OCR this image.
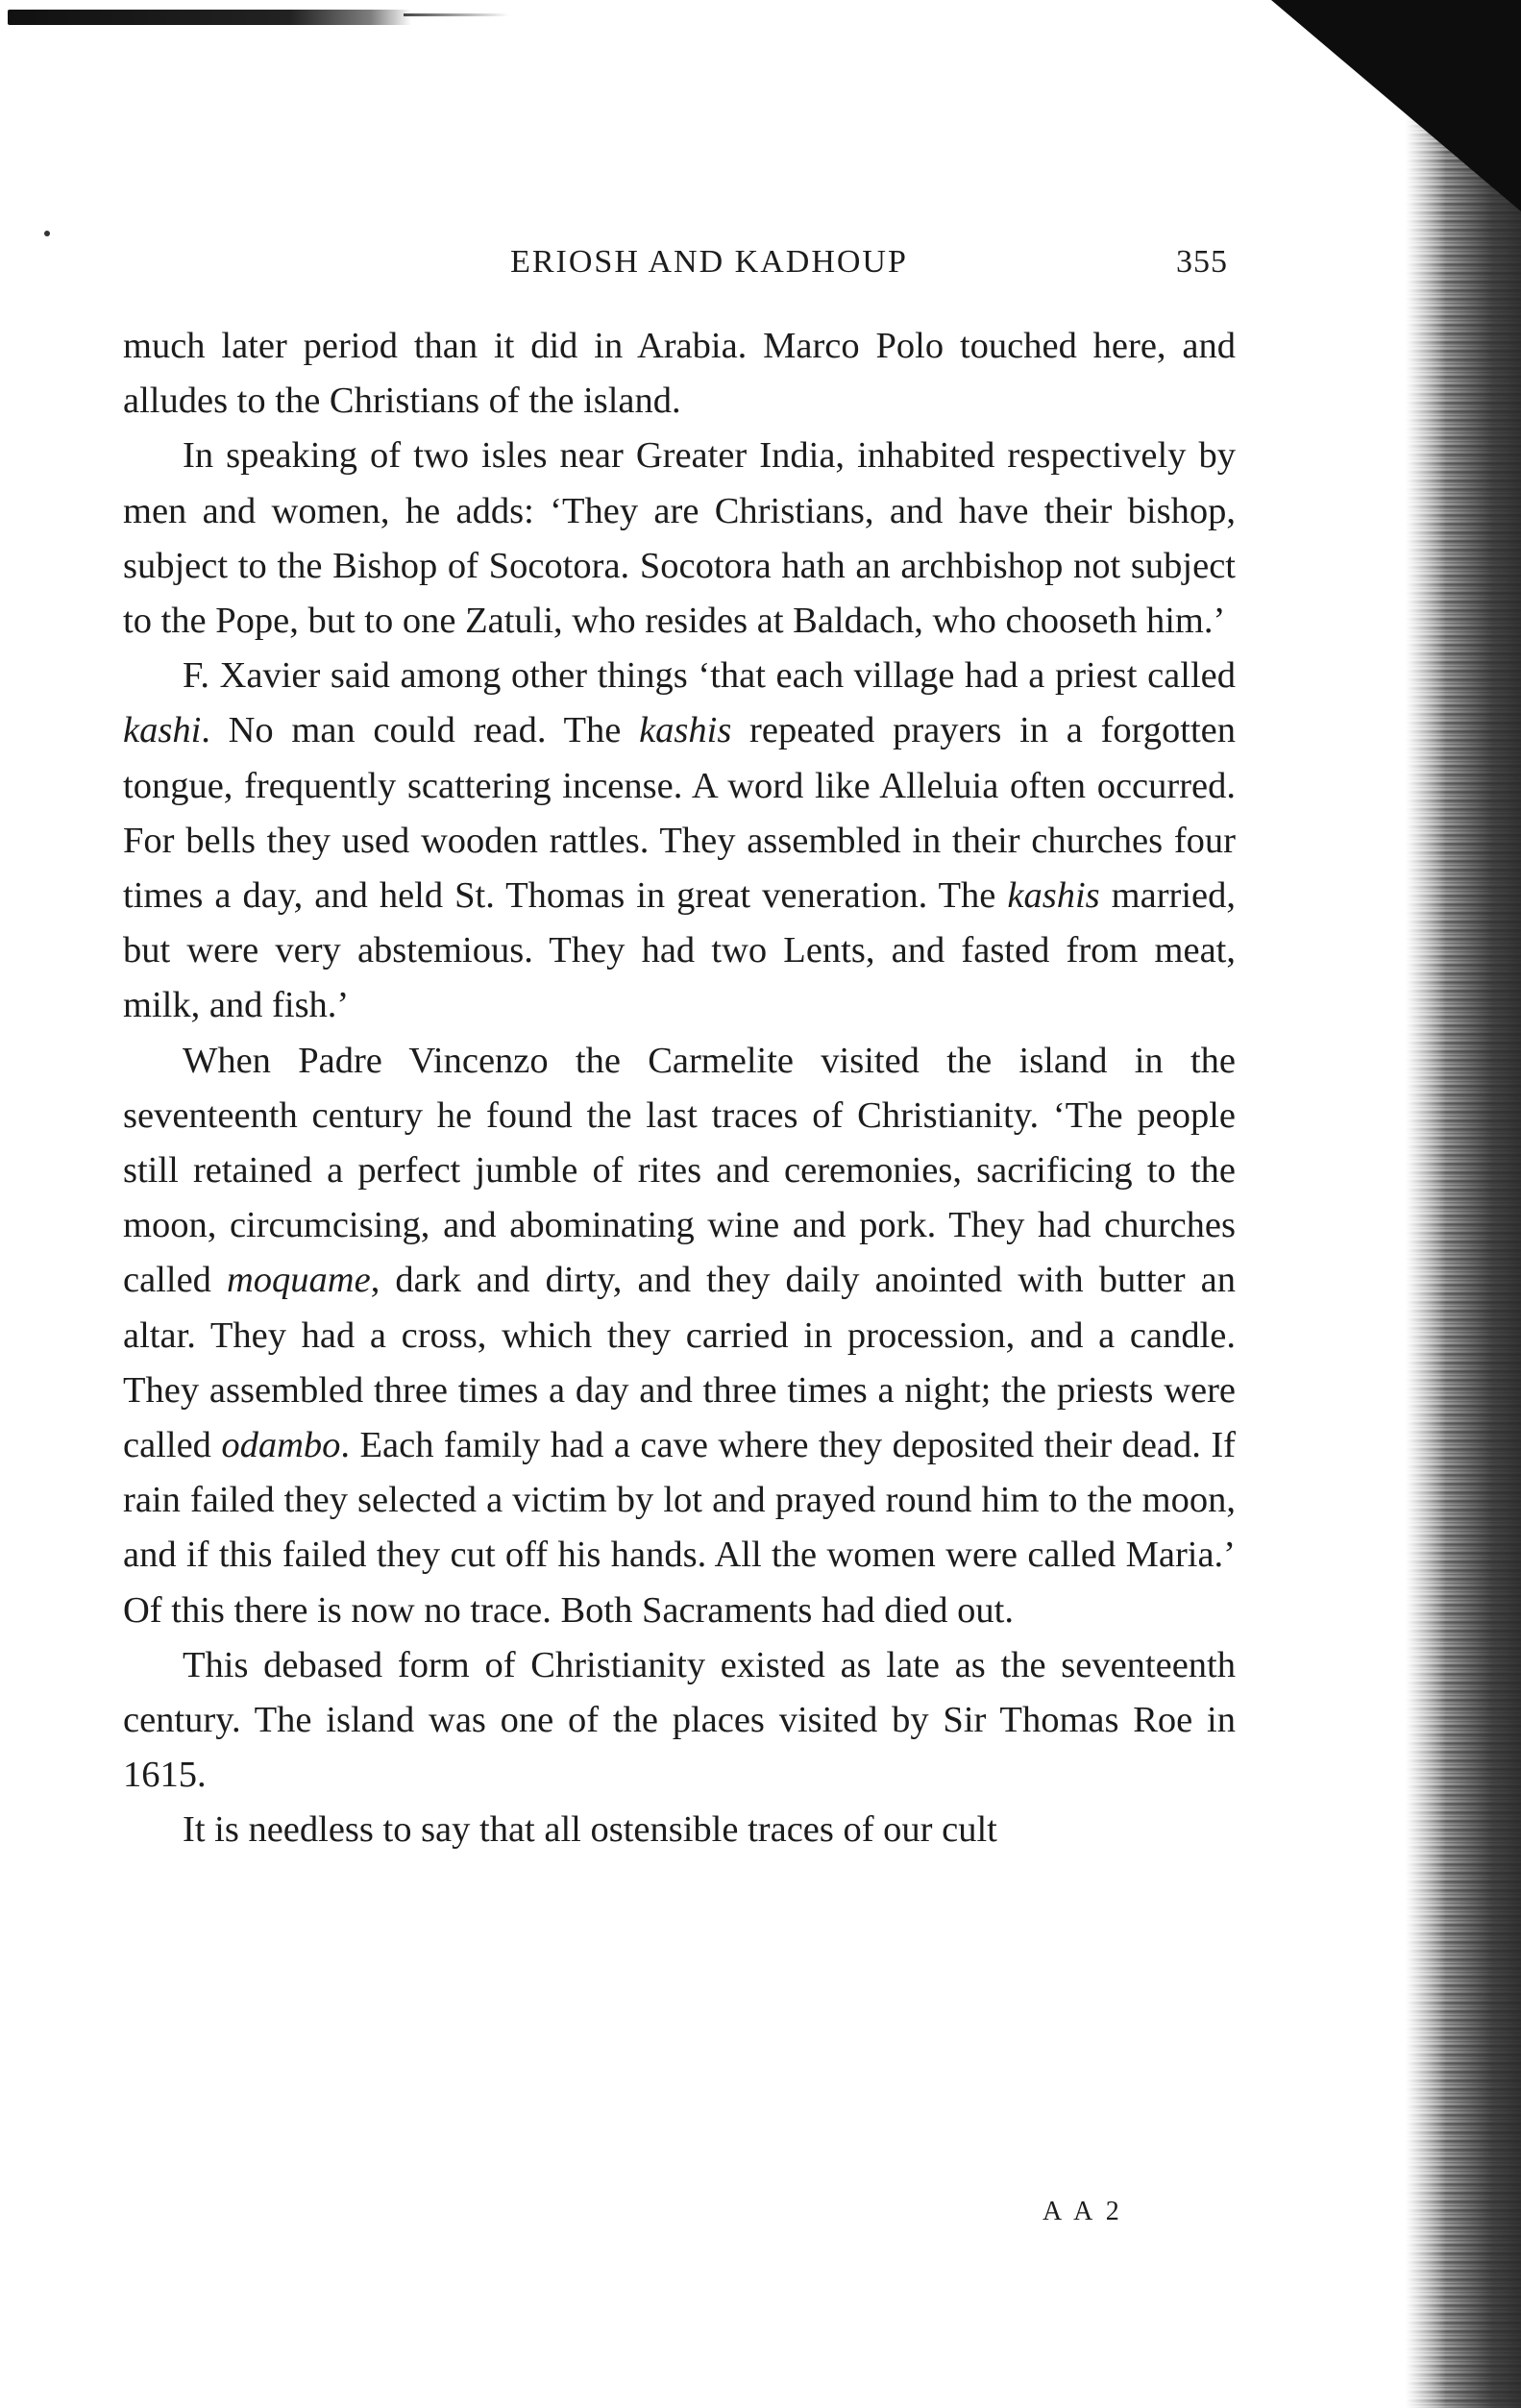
ERIOSH AND KADHOUP	355

much later period than it did in Arabia. Marco Polo touched here, and alludes to the Christians of the island.

In speaking of two isles near Greater India, inhabited respectively by men and women, he adds: ‘They are Christians, and have their bishop, subject to the Bishop of Socotora. Socotora hath an archbishop not subject to the Pope, but to one Zatuli, who resides at Baldach, who chooseth him.’

F. Xavier said among other things ‘that each village had a priest called kashi. No man could read. The kashis repeated prayers in a forgotten tongue, frequently scattering incense. A word like Alleluia often occurred. For bells they used wooden rattles. They assembled in their churches four times a day, and held St. Thomas in great veneration. The kashis married, but were very abstemious. They had two Lents, and fasted from meat, milk, and fish.’

When Padre Vincenzo the Carmelite visited the island in the seventeenth century he found the last traces of Christianity. ‘The people still retained a perfect jumble of rites and ceremonies, sacrificing to the moon, circumcising, and abominating wine and pork. They had churches called moquame, dark and dirty, and they daily anointed with butter an altar. They had a cross, which they carried in procession, and a candle. They assembled three times a day and three times a night; the priests were called odambo. Each family had a cave where they deposited their dead. If rain failed they selected a victim by lot and prayed round him to the moon, and if this failed they cut off his hands. All the women were called Maria.’ Of this there is now no trace. Both Sacraments had died out.

This debased form of Christianity existed as late as the seventeenth century. The island was one of the places visited by Sir Thomas Roe in 1615.

It is needless to say that all ostensible traces of our cult

A A 2
